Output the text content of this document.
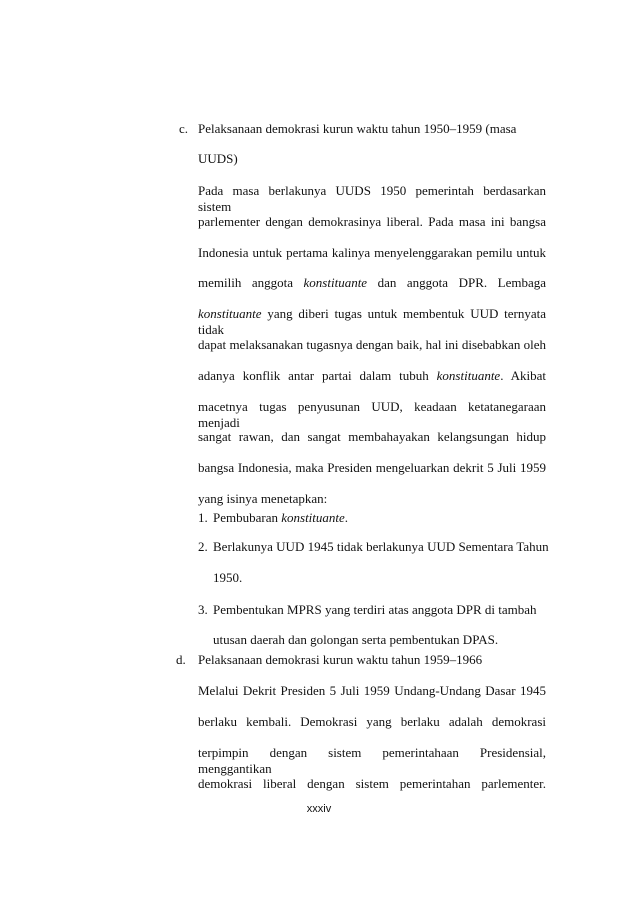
c. Pelaksanaan demokrasi kurun waktu tahun 1950–1959 (masa
UUDS)
Pada masa berlakunya UUDS 1950 pemerintah berdasarkan sistem
parlementer dengan demokrasinya liberal. Pada masa ini bangsa
Indonesia untuk pertama kalinya menyelenggarakan pemilu untuk
memilih anggota konstituante dan anggota DPR. Lembaga
konstituante yang diberi tugas untuk membentuk UUD ternyata tidak
dapat melaksanakan tugasnya dengan baik, hal ini disebabkan oleh
adanya konflik antar partai dalam tubuh konstituante. Akibat
macetnya tugas penyusunan UUD, keadaan ketatanegaraan menjadi
sangat rawan, dan sangat membahayakan kelangsungan hidup
bangsa Indonesia, maka Presiden mengeluarkan dekrit 5 Juli 1959
yang isinya menetapkan:
1. Pembubaran konstituante.
2. Berlakunya UUD 1945 tidak berlakunya UUD Sementara Tahun
1950.
3. Pembentukan MPRS yang terdiri atas anggota DPR di tambah
utusan daerah dan golongan serta pembentukan DPAS.
d. Pelaksanaan demokrasi kurun waktu tahun 1959–1966
Melalui Dekrit Presiden 5 Juli 1959 Undang-Undang Dasar 1945
berlaku kembali. Demokrasi yang berlaku adalah demokrasi
terpimpin dengan sistem pemerintahaan Presidensial, menggantikan
demokrasi liberal dengan sistem pemerintahan parlementer.
xxxiv
